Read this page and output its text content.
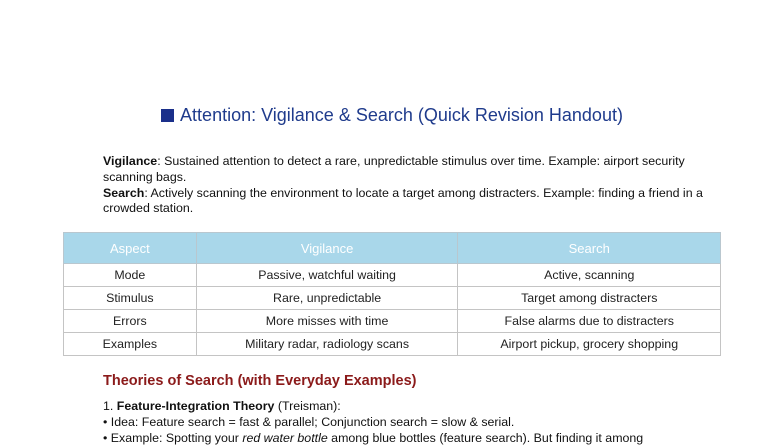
Attention: Vigilance & Search (Quick Revision Handout)

Vigilance: Sustained attention to detect a rare, unpredictable stimulus over time. Example: airport security scanning bags.

Search: Actively scanning the environment to locate a target among distracters. Example: finding a friend in a crowded station.

Aspect	Vigilance	Search
Mode	Passive, watchful waiting	Active, scanning
Stimulus	Rare, unpredictable	Target among distracters
Errors	More misses with time	False alarms due to distracters
Examples	Military radar, radiology scans	Airport pickup, grocery shopping
Theories of Search (with Everyday Examples)

1. Feature-Integration Theory (Treisman):

• Idea: Feature search = fast & parallel; Conjunction search = slow & serial.

• Example: Spotting your red water bottle among blue bottles (feature search). But finding it among
